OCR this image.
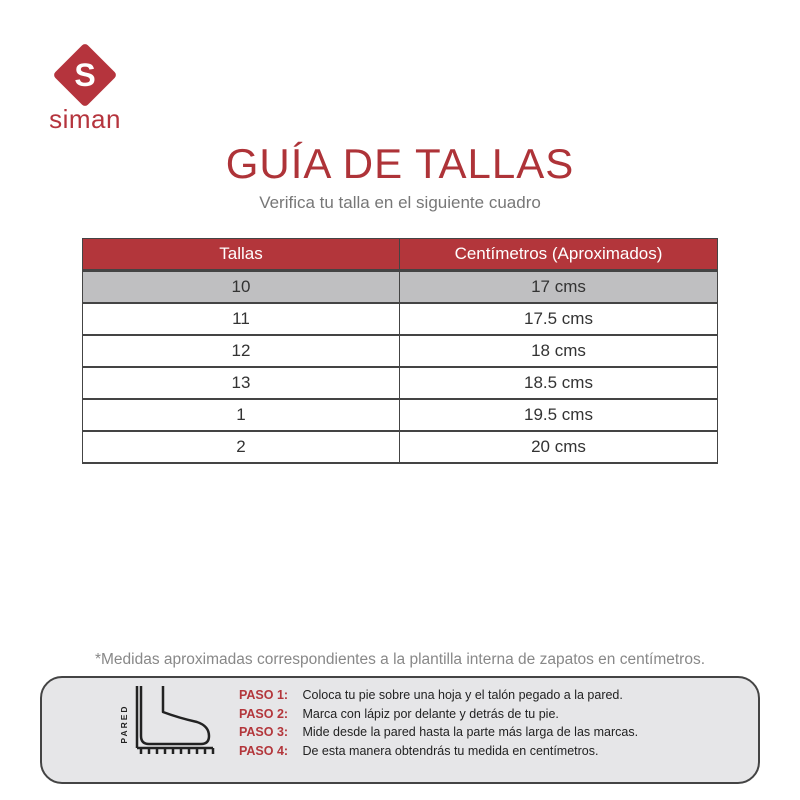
S
siman
GUÍA DE TALLAS
Verifica tu talla en el siguiente cuadro
Tallas	Centímetros (Aproximados)
10	17 cms
11	17.5 cms
12	18 cms
13	18.5 cms
1	19.5 cms
2	20 cms
*Medidas aproximadas correspondientes a la plantilla interna de zapatos en centímetros.
PARED
PASO 1: Coloca tu pie sobre una hoja y el talón pegado a la pared.
PASO 2: Marca con lápiz por delante y detrás de tu pie.
PASO 3: Mide desde la pared hasta la parte más larga de las marcas.
PASO 4: De esta manera obtendrás tu medida en centímetros.
